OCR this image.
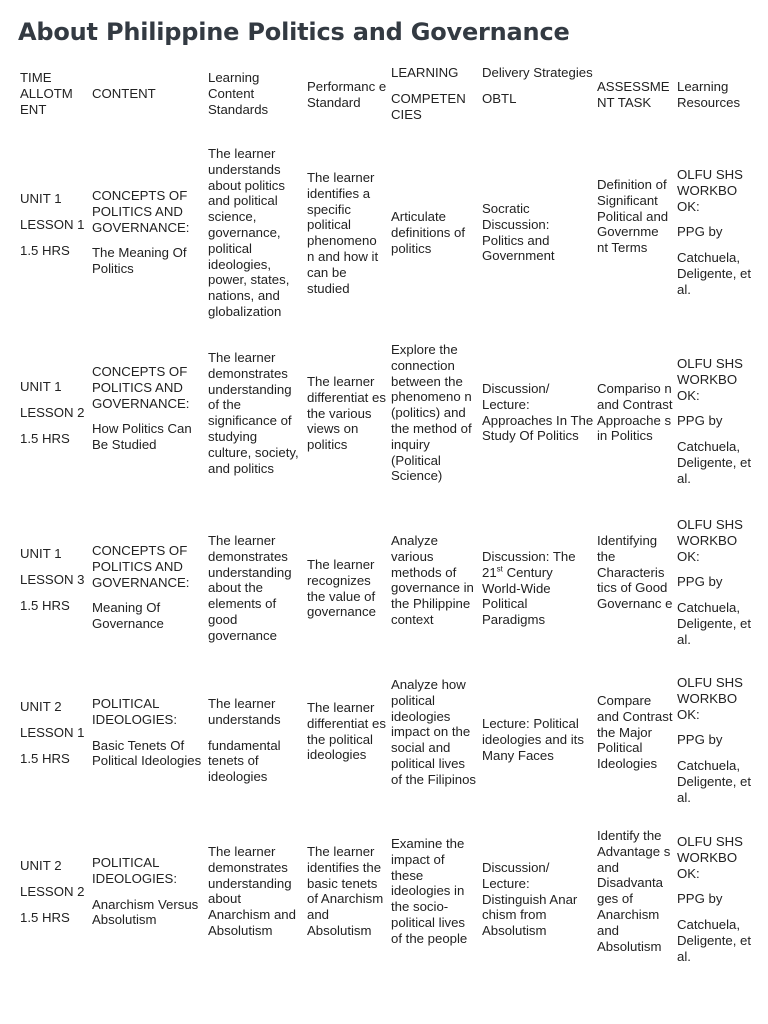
About Philippine Politics and Governance
TIME ALLOTM ENT
CONTENT
Learning Content Standards
Performanc e Standard

LEARNING

COMPETEN CIES

Delivery Strategies

OBTL

ASSESSME NT TASK
Learning Resources

UNIT 1

LESSON 1

1.5 HRS

CONCEPTS OF POLITICS AND GOVERNANCE:

The Meaning Of Politics

The learner understands about politics and political science, governance, political ideologies, power, states, nations, and globalization
The learner identifies a specific political phenomeno n and how it can be studied
Articulate definitions of politics
Socratic Discussion: Politics and Government
Definition of Significant Political and Governme nt Terms

OLFU SHS WORKBO OK:

PPG by

Catchuela, Deligente, et al.

UNIT 1

LESSON 2

1.5 HRS

CONCEPTS OF POLITICS AND GOVERNANCE:

How Politics Can Be Studied

The learner demonstrates understanding of the significance of studying culture, society, and politics
The learner differentiat es the various views on politics
Explore the connection between the phenomeno n (politics) and the method of inquiry (Political Science)
Discussion/ Lecture: Approaches In The Study Of Politics
Compariso n and Contrast Approache s in Politics

OLFU SHS WORKBO OK:

PPG by

Catchuela, Deligente, et al.

UNIT 1

LESSON 3

1.5 HRS

CONCEPTS OF POLITICS AND GOVERNANCE:

Meaning Of Governance

The learner demonstrates understanding about the elements of good governance
The learner recognizes the value of governance
Analyze various methods of governance in the Philippine context
Discussion: The 21st Century World-Wide Political Paradigms
Identifying the Characteris tics of Good Governanc e

OLFU SHS WORKBO OK:

PPG by

Catchuela, Deligente, et al.

UNIT 2

LESSON 1

1.5 HRS

POLITICAL IDEOLOGIES:

Basic Tenets Of Political Ideologies

The learner understands

fundamental tenets of ideologies

The learner differentiat es the political ideologies
Analyze how political ideologies impact on the social and political lives of the Filipinos
Lecture: Political ideologies and its Many Faces
Compare and Contrast the Major Political Ideologies

OLFU SHS WORKBO OK:

PPG by

Catchuela, Deligente, et al.

UNIT 2

LESSON 2

1.5 HRS

POLITICAL IDEOLOGIES:

Anarchism Versus Absolutism

The learner demonstrates understanding about Anarchism and Absolutism
The learner identifies the basic tenets of Anarchism and Absolutism
Examine the impact of these ideologies in the socio-political lives of the people
Discussion/ Lecture: Distinguish Anar chism from Absolutism
Identify the Advantage s and Disadvanta ges of Anarchism and Absolutism

OLFU SHS WORKBO OK:

PPG by

Catchuela, Deligente, et al.
